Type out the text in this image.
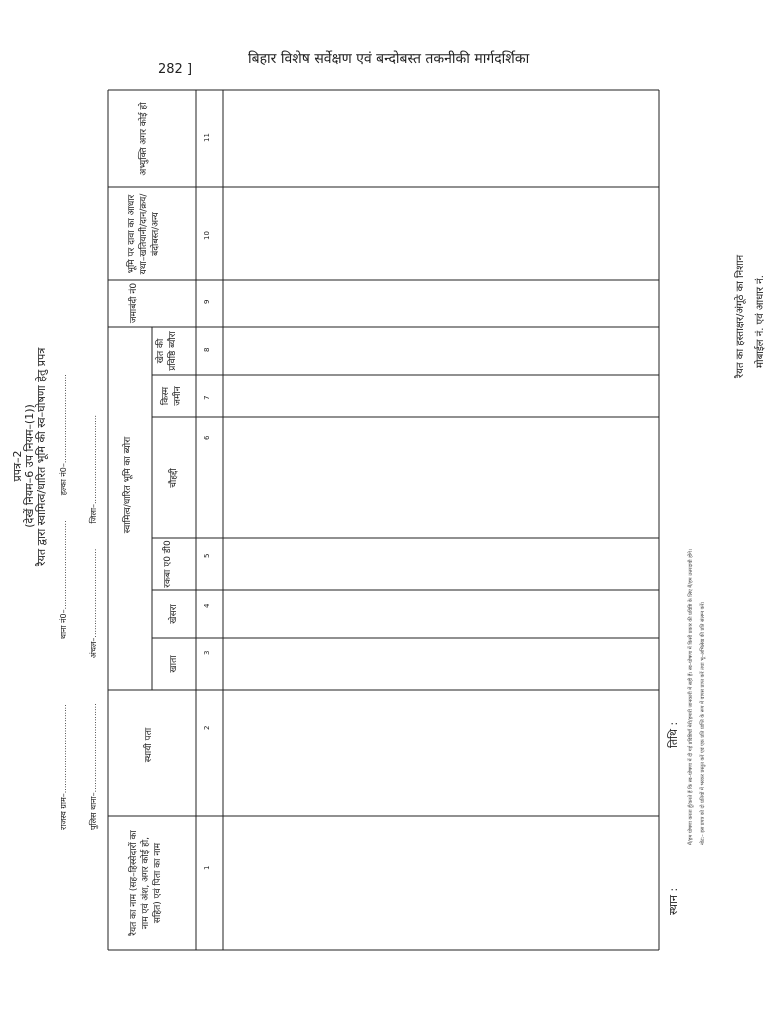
282 ]
बिहार विशेष सर्वेक्षण एवं बन्दोबस्त तकनीकी मार्गदर्शिका
प्रपत्र–2 (देखें नियम–6 उप नियम–(1)) रैयत द्वारा स्वामित्व/धारित भूमि की स्व–घोषणा हेतु प्रपत्र
राजस्व ग्राम–...................................  थाना नं0–...................................  हल्का नं0–...................................
पुलिस थाना–...................................  अंचल–...................................  जिला–...................................	स्वामित्व/धारित भूमि का ब्योरा
रैयत का नाम (सह–हिस्सेदारों का नाम एवं अंश, अगर कोई हो, सहित) एवं पिता का नाम
स्थायी पता
खाता
खेसरा
रकबा ए0 डी0
चौहद्दी
किस्म जमीन
खेत की प्रविष्ठि ब्यौरा
जमाबंदी नं0
भूमि पर दावा का आधार यथा–खतियानी/दान/क्रय/बंदोबस्त/अन्य
अभ्युक्ति अगर कोई हो
1
2
3
4
5
6
7
8
9
10
11
मैं/हम घोषणा करता हूँ/करते हैं कि स्व–घोषणा में दी गई प्रविष्टियाँ मेरी/हमारी जानकारी में सही हैं। स्व–घोषणा में किसी प्रकार की प्रविष्टि के लिए मैं/हम उत्तरदायी होंगे। नोट:– इस प्रपत्र को दो प्रतियों में भरकर प्रस्तुत करें एवं एक प्रति प्राप्ति के रूप में वापस प्राप्त करें तथा भू–अभिलेख की प्रति संलग्न करें।
तिथि :
स्थान :
रैयत का हस्ताक्षर/अंगूठे का निशान मोबाईल नं. एवं आधार नं.
